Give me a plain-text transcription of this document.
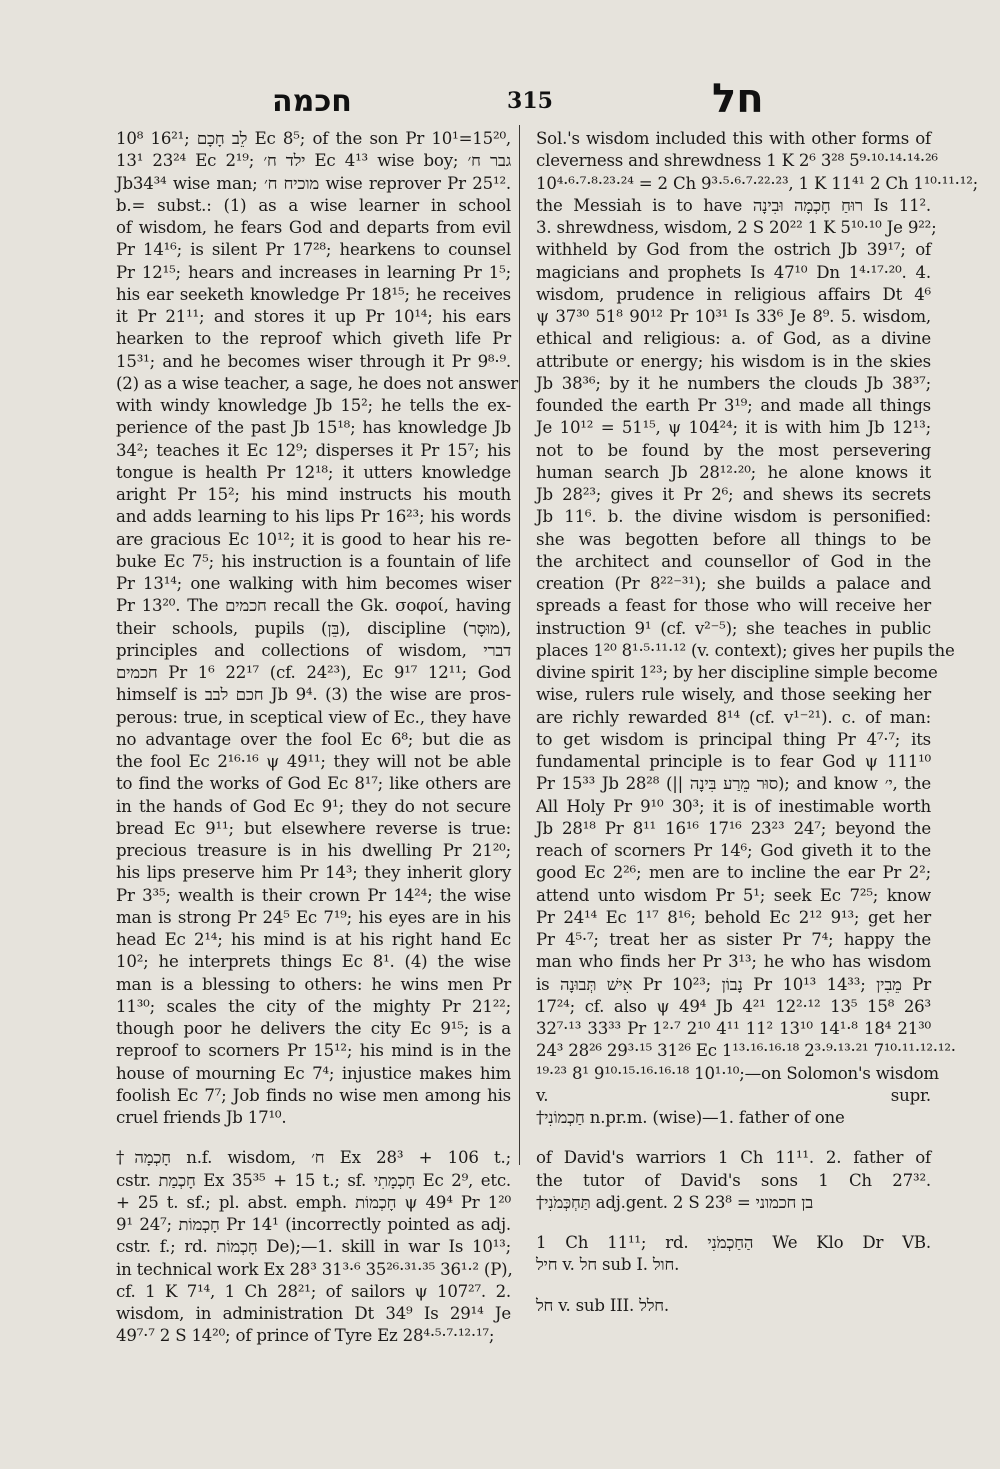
חכמה	315	חל
10⁸ 16²¹; לֵב חָכָם Ec 8⁵; of the son Pr 10¹=15²⁰,
13¹ 23²⁴ Ec 2¹⁹; ילד ח׳ Ec 4¹³ wise boy; גבר ח׳
Jb34³⁴ wise man; מוכיח ח׳ wise reprover Pr 25¹².
b.= subst.: (1) as a wise learner in school
of wisdom, he fears God and departs from evil
Pr 14¹⁶; is silent Pr 17²⁸; hearkens to counsel
Pr 12¹⁵; hears and increases in learning Pr 1⁵;
his ear seeketh knowledge Pr 18¹⁵; he receives
it Pr 21¹¹; and stores it up Pr 10¹⁴; his ears
hearken to the reproof which giveth life Pr
15³¹; and he becomes wiser through it Pr 9⁸·⁹.
(2) as a wise teacher, a sage, he does not answer
with windy knowledge Jb 15²; he tells the ex-
perience of the past Jb 15¹⁸; has knowledge Jb
34²; teaches it Ec 12⁹; disperses it Pr 15⁷; his
tongue is health Pr 12¹⁸; it utters knowledge
aright Pr 15²; his mind instructs his mouth
and adds learning to his lips Pr 16²³; his words
are gracious Ec 10¹²; it is good to hear his re-
buke Ec 7⁵; his instruction is a fountain of life
Pr 13¹⁴; one walking with him becomes wiser
Pr 13²⁰. The חכמים recall the Gk. σοφοί, having
their schools, pupils (בֵּן), discipline (מוּסָר),
principles and collections of wisdom, דברי
חכמים Pr 1⁶ 22¹⁷ (cf. 24²³), Ec 9¹⁷ 12¹¹; God
himself is חכם לבב Jb 9⁴. (3) the wise are pros-
perous: true, in sceptical view of Ec., they have
no advantage over the fool Ec 6⁸; but die as
the fool Ec 2¹⁶·¹⁶ ψ 49¹¹; they will not be able
to find the works of God Ec 8¹⁷; like others are
in the hands of God Ec 9¹; they do not secure
bread Ec 9¹¹; but elsewhere reverse is true:
precious treasure is in his dwelling Pr 21²⁰;
his lips preserve him Pr 14³; they inherit glory
Pr 3³⁵; wealth is their crown Pr 14²⁴; the wise
man is strong Pr 24⁵ Ec 7¹⁹; his eyes are in his
head Ec 2¹⁴; his mind is at his right hand Ec
10²; he interprets things Ec 8¹. (4) the wise
man is a blessing to others: he wins men Pr
11³⁰; scales the city of the mighty Pr 21²²;
though poor he delivers the city Ec 9¹⁵; is a
reproof to scorners Pr 15¹²; his mind is in the
house of mourning Ec 7⁴; injustice makes him
foolish Ec 7⁷; Job finds no wise men among his
cruel friends Jb 17¹⁰.
†חָכְמָה n.f. wisdom, ח׳ Ex 28³ + 106 t.;
cstr. חָכְמַת Ex 35³⁵ + 15 t.; sf. חָכְמָתִי Ec 2⁹, etc.
+ 25 t. sf.; pl. abst. emph. חָכְמוֹת ψ 49⁴ Pr 1²⁰
9¹ 24⁷; חָכְמוֹת Pr 14¹ (incorrectly pointed as adj.
cstr. f.; rd. חָכְמוֹת De);—1. skill in war Is 10¹³;
in technical work Ex 28³ 31³·⁶ 35²⁶·³¹·³⁵ 36¹·² (P),
cf. 1 K 7¹⁴, 1 Ch 28²¹; of sailors ψ 107²⁷. 2.
wisdom, in administration Dt 34⁹ Is 29¹⁴ Je
49⁷·⁷ 2 S 14²⁰; of prince of Tyre Ez 28⁴·⁵·⁷·¹²·¹⁷;
Sol.'s wisdom included this with other forms of
cleverness and shrewdness 1 K 2⁶ 3²⁸ 5⁹·¹⁰·¹⁴·¹⁴·²⁶
10⁴·⁶·⁷·⁸·²³·²⁴ = 2 Ch 9³·⁵·⁶·⁷·²²·²³, 1 K 11⁴¹ 2 Ch 1¹⁰·¹¹·¹²;
the Messiah is to have רוּחַ חָכְמָה וּבִינָה Is 11².
3. shrewdness, wisdom, 2 S 20²² 1 K 5¹⁰·¹⁰ Je 9²²;
withheld by God from the ostrich Jb 39¹⁷; of
magicians and prophets Is 47¹⁰ Dn 1⁴·¹⁷·²⁰. 4.
wisdom, prudence in religious affairs Dt 4⁶
ψ 37³⁰ 51⁸ 90¹² Pr 10³¹ Is 33⁶ Je 8⁹. 5. wisdom,
ethical and religious: a. of God, as a divine
attribute or energy; his wisdom is in the skies
Jb 38³⁶; by it he numbers the clouds Jb 38³⁷;
founded the earth Pr 3¹⁹; and made all things
Je 10¹² = 51¹⁵, ψ 104²⁴; it is with him Jb 12¹³;
not to be found by the most persevering
human search Jb 28¹²·²⁰; he alone knows it
Jb 28²³; gives it Pr 2⁶; and shews its secrets
Jb 11⁶. b. the divine wisdom is personified:
she was begotten before all things to be
the architect and counsellor of God in the
creation (Pr 8²²⁻³¹); she builds a palace and
spreads a feast for those who will receive her
instruction 9¹ (cf. v²⁻⁵); she teaches in public
places 1²⁰ 8¹·⁵·¹¹·¹² (v. context); gives her pupils the
divine spirit 1²³; by her discipline simple become
wise, rulers rule wisely, and those seeking her
are richly rewarded 8¹⁴ (cf. v¹⁻²¹). c. of man:
to get wisdom is principal thing Pr 4⁷·⁷; its
fundamental principle is to fear God ψ 111¹⁰
Pr 15³³ Jb 28²⁸ (|| סוּר מֵרַע בִּינָה); and know י׳, the
All Holy Pr 9¹⁰ 30³; it is of inestimable worth
Jb 28¹⁸ Pr 8¹¹ 16¹⁶ 17¹⁶ 23²³ 24⁷; beyond the
reach of scorners Pr 14⁶; God giveth it to the
good Ec 2²⁶; men are to incline the ear Pr 2²;
attend unto wisdom Pr 5¹; seek Ec 7²⁵; know
Pr 24¹⁴ Ec 1¹⁷ 8¹⁶; behold Ec 2¹² 9¹³; get her
Pr 4⁵·⁷; treat her as sister Pr 7⁴; happy the
man who finds her Pr 3¹³; he who has wisdom
is אִישׁ תְּבוּנָה Pr 10²³; נָבוֹן Pr 10¹³ 14³³; מֵבִין Pr
17²⁴; cf. also ψ 49⁴ Jb 4²¹ 12²·¹² 13⁵ 15⁸ 26³
32⁷·¹³ 33³³ Pr 1²·⁷ 2¹⁰ 4¹¹ 11² 13¹⁰ 14¹·⁸ 18⁴ 21³⁰
24³ 28²⁶ 29³·¹⁵ 31²⁶ Ec 1¹³·¹⁶·¹⁶·¹⁸ 2³·⁹·¹³·²¹ 7¹⁰·¹¹·¹²·¹²·
¹⁹·²³ 8¹ 9¹⁰·¹⁵·¹⁶·¹⁶·¹⁸ 10¹·¹⁰;—on Solomon's wisdom
v. supr.
†חַכְמוֹנִי n.pr.m. (wise)—1. father of one
of David's warriors 1 Ch 11¹¹. 2. father of
the tutor of David's sons 1 Ch 27³².
†תַּחְכְּמֹנִי adj.gent. 2 S 23⁸ = בן חכמוני
1 Ch 11¹¹; rd. הַחַכְמֹנִי We Klo Dr VB.
חיל v. חל sub I. חול.
חל v. sub III. חלל.
